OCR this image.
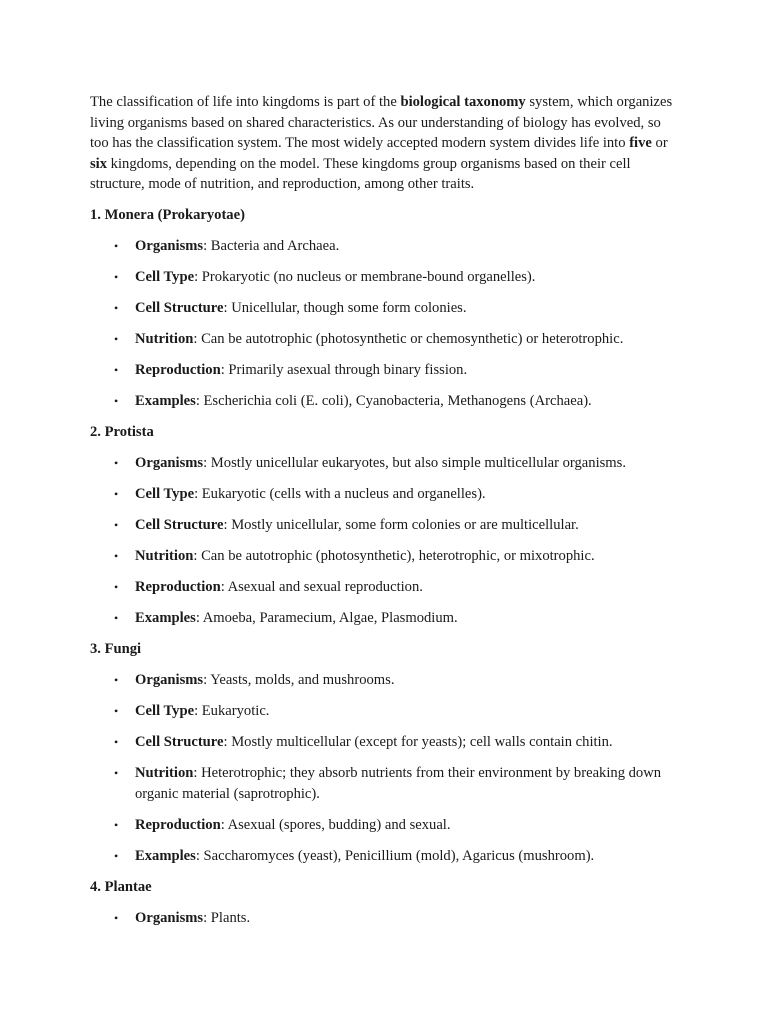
The classification of life into kingdoms is part of the biological taxonomy system, which organizes living organisms based on shared characteristics. As our understanding of biology has evolved, so too has the classification system. The most widely accepted modern system divides life into five or six kingdoms, depending on the model. These kingdoms group organisms based on their cell structure, mode of nutrition, and reproduction, among other traits.

1. Monera (Prokaryotae)

• Organisms: Bacteria and Archaea.
• Cell Type: Prokaryotic (no nucleus or membrane-bound organelles).
• Cell Structure: Unicellular, though some form colonies.
• Nutrition: Can be autotrophic (photosynthetic or chemosynthetic) or heterotrophic.
• Reproduction: Primarily asexual through binary fission.
• Examples: Escherichia coli (E. coli), Cyanobacteria, Methanogens (Archaea).

2. Protista

• Organisms: Mostly unicellular eukaryotes, but also simple multicellular organisms.
• Cell Type: Eukaryotic (cells with a nucleus and organelles).
• Cell Structure: Mostly unicellular, some form colonies or are multicellular.
• Nutrition: Can be autotrophic (photosynthetic), heterotrophic, or mixotrophic.
• Reproduction: Asexual and sexual reproduction.
• Examples: Amoeba, Paramecium, Algae, Plasmodium.

3. Fungi

• Organisms: Yeasts, molds, and mushrooms.
• Cell Type: Eukaryotic.
• Cell Structure: Mostly multicellular (except for yeasts); cell walls contain chitin.
• Nutrition: Heterotrophic; they absorb nutrients from their environment by breaking down organic material (saprotrophic).
• Reproduction: Asexual (spores, budding) and sexual.
• Examples: Saccharomyces (yeast), Penicillium (mold), Agaricus (mushroom).

4. Plantae

• Organisms: Plants.
